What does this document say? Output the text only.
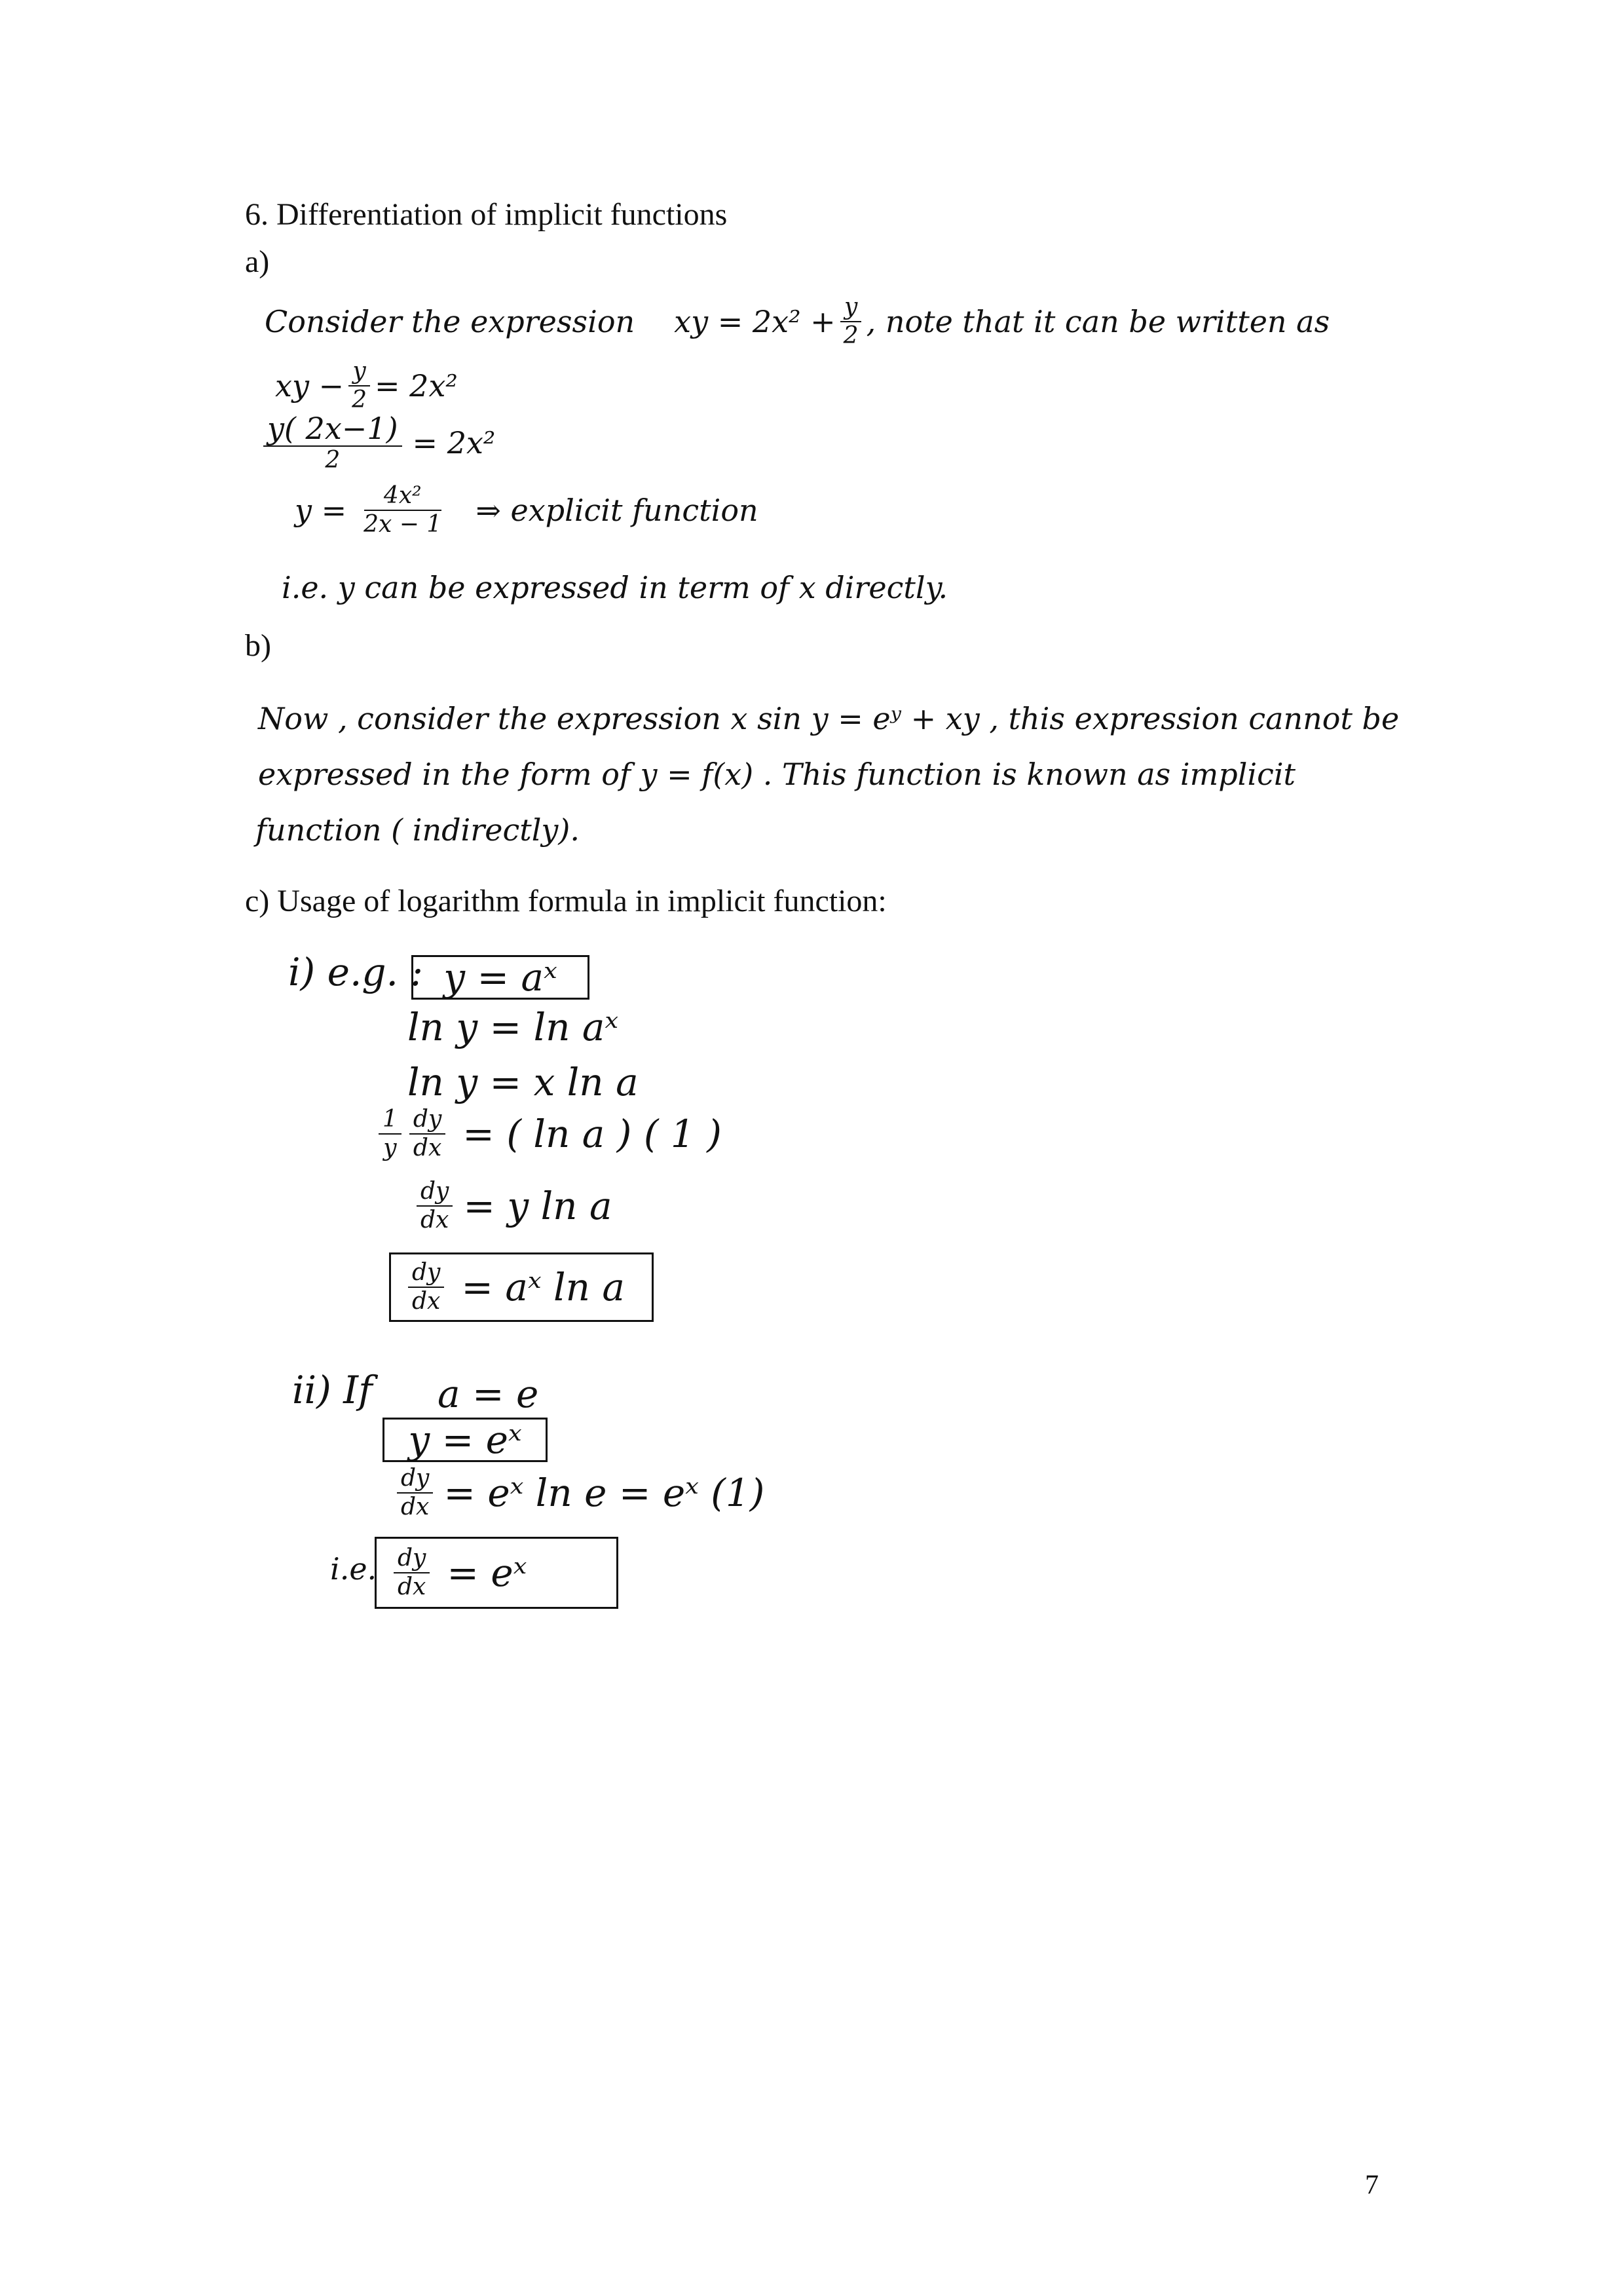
6. Differentiation of implicit functions
a)
Consider the expression xy = $2x^2 + \frac{y}{2}$ , note that it can be written as
xy − $\frac{y}{2} = 2x^2$
$\frac{y( 2x-1)}{2} = 2x^2$
$y = \frac{\text{4x²}}{2x - 1}$ ⇒ explicit function
i.e. y can be expressed in term of x directly.
b)
Now , consider the expression x sin y = eʸ + xy , this expression cannot be
expressed in the form of y = f(x) . This function is known as implicit
function ( indirectly).
c) Usage of logarithm formula in implicit function:
i) e.g. : y = aˣ
ln y = ln aˣ
ln y = x ln a
$\frac{1}{y} \frac{dy}{dx}$ = ( ln a ) ( 1 )
$\frac{dy}{dx} = y$ ln a
$\frac{dy}{dx}$ = aˣ ln a
ii) If a = e
y = eˣ
$\frac{dy}{dx}$ = eˣ ln e = eˣ (1)
i.e. $\frac{dy}{dx}$ = eˣ
7
